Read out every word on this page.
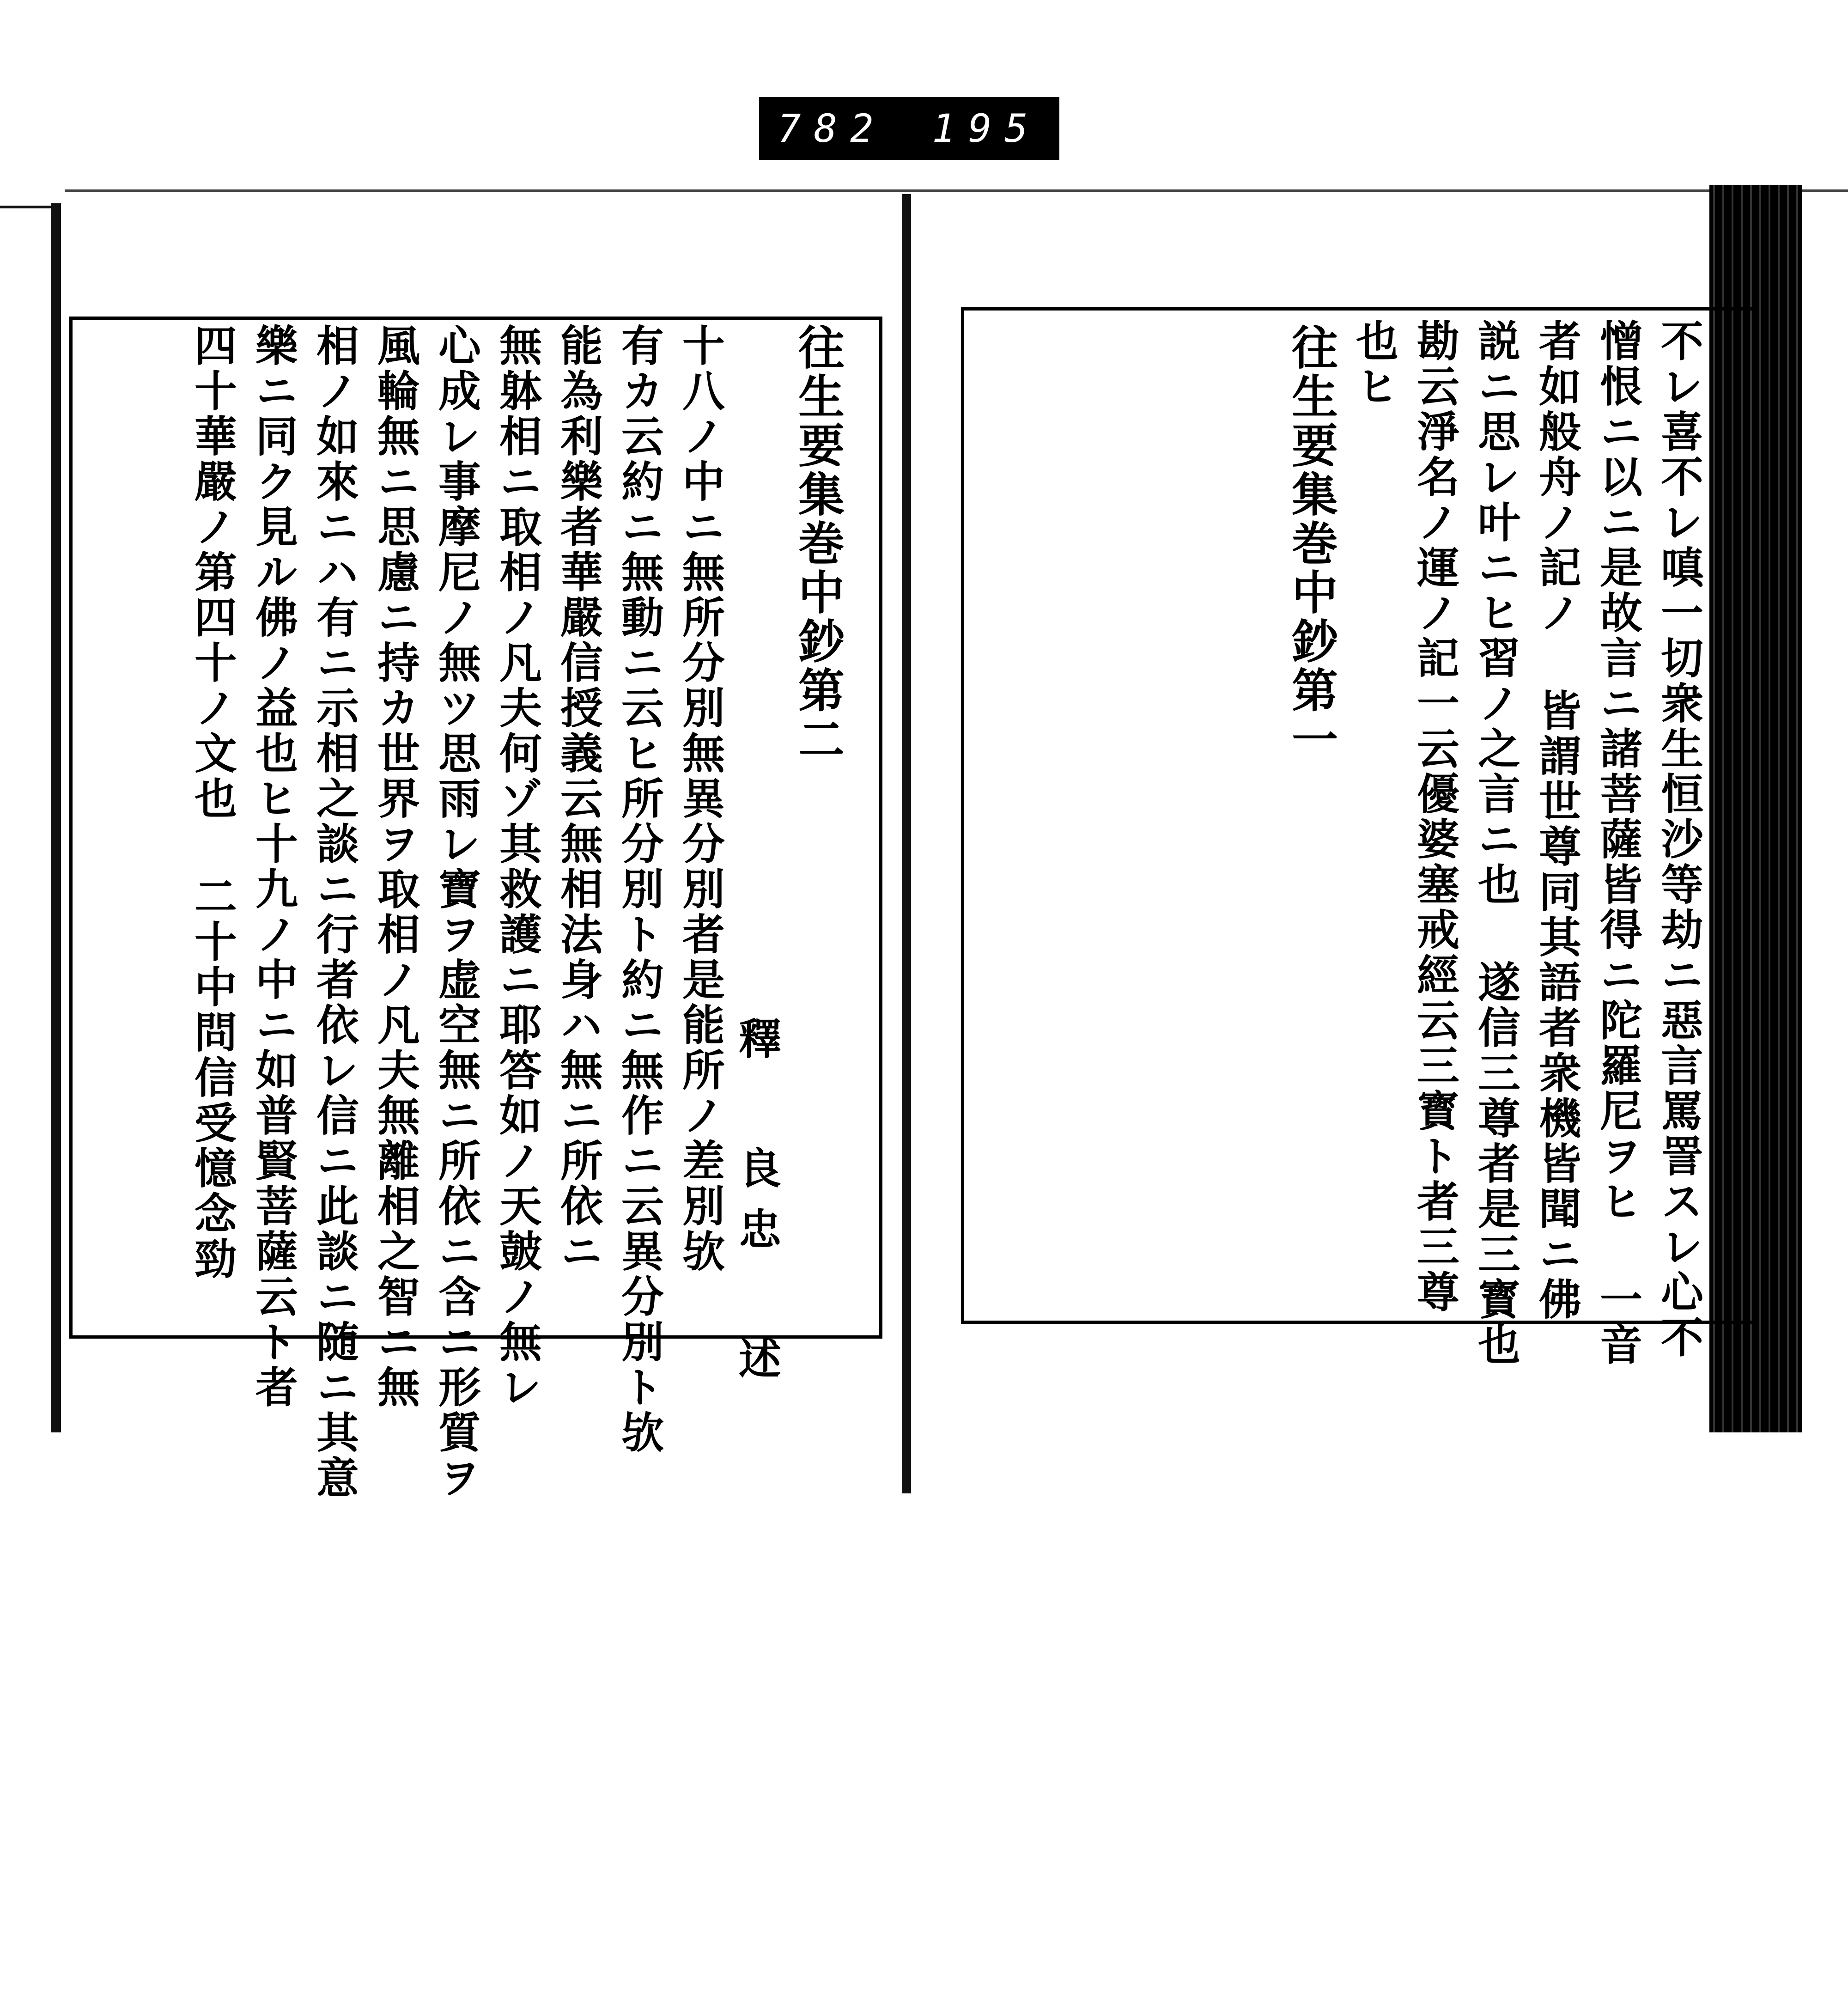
782 195
往生要集巻中鈔第二
釋 良忠 述
十八ノ中ニ無所分別無異分別者是能所ノ差別欤
有カ云約ニ無動ニ云ヒ所分別ト約ニ無作ニ云異分別ト欤
能為利樂者華嚴信授義云無相法身ハ無ニ所依ニ
無躰相ニ取相ノ凡夫何ゾ其救護ニ耶答如ノ天皷ノ無レ
心成レ事摩尼ノ無ツ思雨レ寶ヲ虚空無ニ所依ニ含ニ形質ヲ
風輪無ニ思慮ニ持カ世界ヲ取相ノ凡夫無離相之智ニ無
相ノ如來ニハ有ニ示相之談ニ行者依レ信ニ此談ニ随ニ其意
樂ニ同ク見ル佛ノ益也ヒ十九ノ中ニ如普賢菩薩云ト者
四十華嚴ノ第四十ノ文也 二十中問信受憶念勁	不レ喜不レ嗔一切衆生恒沙等劫ニ惡言罵詈スレ心不
憎恨ニ以ニ是故言ニ諸菩薩皆得ニ陀羅尼ヲヒ 一音
者如般舟ノ記ノ 皆謂世尊同其語者衆機皆聞ニ佛
説ニ思レ叶ニヒ習ノ之言ニ也 遂信三尊者是三寳也
勘云淨名ノ運ノ記一云優婆塞戒經云三寳ト者三尊
也ヒ
往生要集巻中鈔第一
